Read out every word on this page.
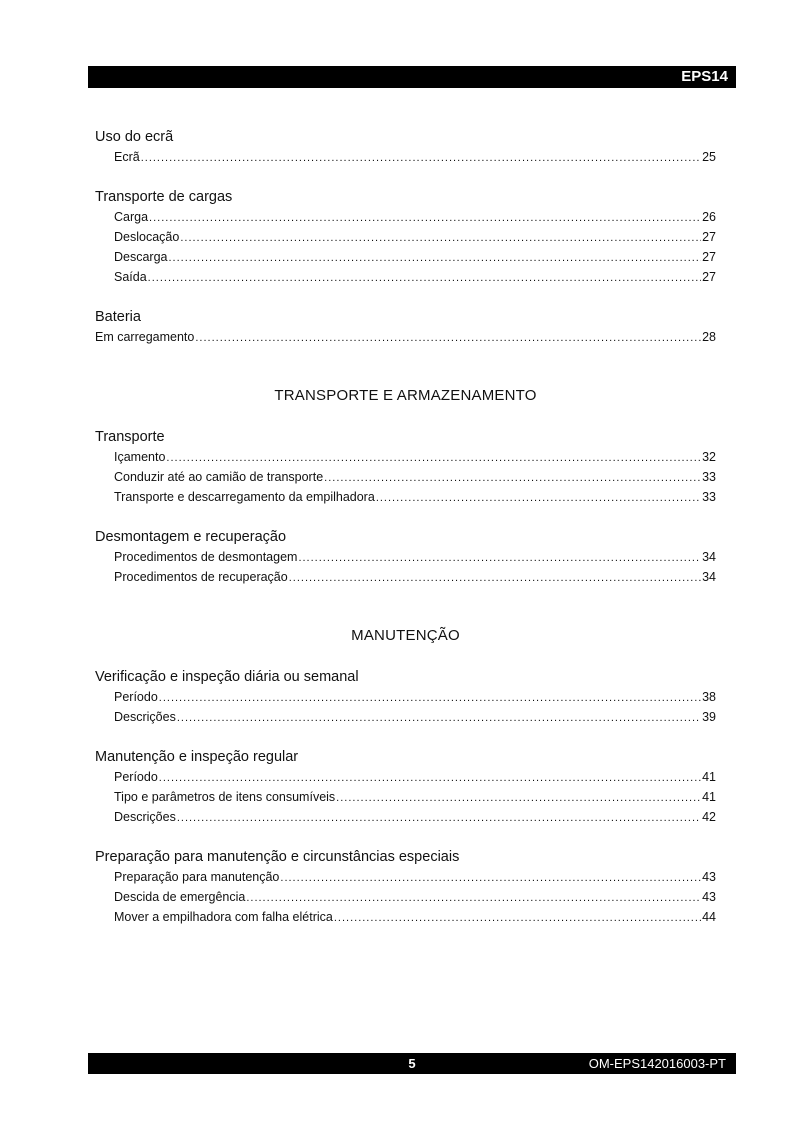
EPS14
Uso do ecrã
Ecrã .....	25
Transporte de cargas
Carga .....	26
Deslocação .....	27
Descarga .....	27
Saída .....	27
Bateria
Em carregamento .....	28
TRANSPORTE E ARMAZENAMENTO
Transporte
Içamento .....	32
Conduzir até ao camião de transporte .....	33
Transporte e descarregamento da empilhadora .....	33
Desmontagem e recuperação
Procedimentos de desmontagem .....	34
Procedimentos de recuperação .....	34
MANUTENÇÃO
Verificação e inspeção diária ou semanal
Período .....	38
Descrições .....	39
Manutenção e inspeção regular
Período .....	41
Tipo e parâmetros de itens consumíveis .....	41
Descrições .....	42
Preparação para manutenção e circunstâncias especiais
Preparação para manutenção .....	43
Descida de emergência .....	43
Mover a empilhadora com falha elétrica .....	44
5	OM-EPS142016003-PT
